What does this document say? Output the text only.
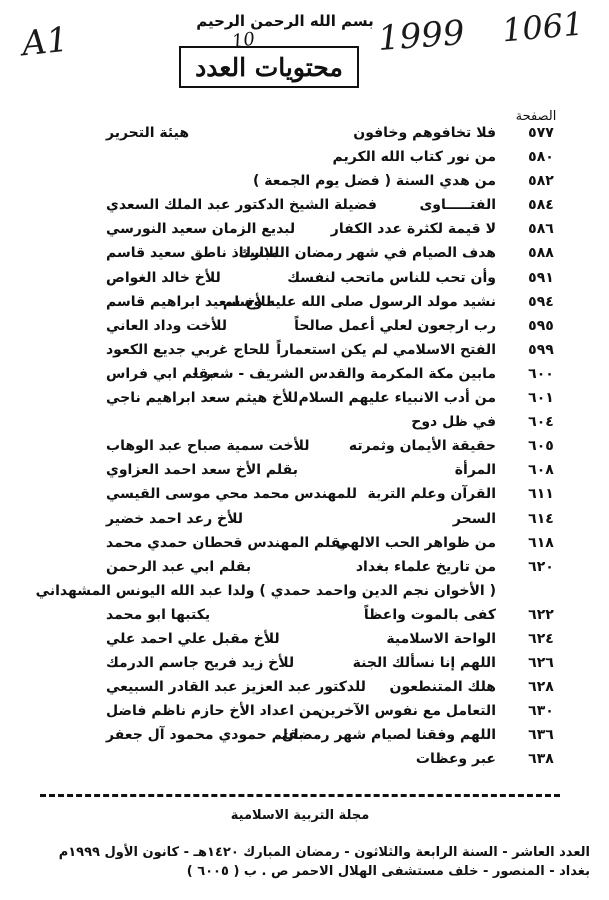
A1	1999 1061
بسم الله الرحمن الرحيم
10
محتويات العدد
الصفحة
٥٧٧
فلا تخافوهم وخافون
هيئة التحرير
٥٨٠
من نور كتاب الله الكريم
٥٨٢
من هدي السنة ( فضل يوم الجمعة )
٥٨٤
الفتـــــاوى
فضيلة الشيخ الدكتور عبد الملك السعدي
٥٨٦
لا قيمة لكثرة عدد الكفار
لبديع الزمان سعيد النورسي
٥٨٨
هدف الصيام في شهر رمضان المبارك
للاستاذ ناطق سعيد قاسم
٥٩١
وأن تحب للناس ماتحب لنفسك
للأخ خالد الغواص
٥٩٤
نشيد مولد الرسول صلى الله عليه وسلم
للأخ سعيد ابراهيم قاسم
٥٩٥
رب ارجعون لعلي أعمل صالحاً
للأخت وداد العاني
٥٩٩
الفتح الاسلامي لم يكن استعماراً
للحاج غربي جديع الكعود
٦٠٠
مابين مكة المكرمة والقدس الشريف - شعر -
بقلم ابي فراس
٦٠١
من أدب الانبياء عليهم السلام
للأخ هيثم سعد ابراهيم ناجي
٦٠٤
في ظل دوح
٦٠٥
حقيقة الأيمان وثمرته
للأخت سمية صباح عبد الوهاب
٦٠٨
المرأة
بقلم الأخ سعد احمد العزاوي
٦١١
القرآن وعلم التربة
للمهندس محمد محي موسى القيسي
٦١٤
السحر
للأخ رعد احمد خضير
٦١٨
من ظواهر الحب الالهي
بقلم المهندس قحطان حمدي محمد
٦٢٠
من تاريخ علماء بغداد
بقلم ابي عبد الرحمن
( الأخوان نجم الدين واحمد حمدي ) ولدا عبد الله اليونس المشهداني
٦٢٢
كفى بالموت واعظاً
يكتبها ابو محمد
٦٢٤
الواحة الاسلامية
للأخ مقبل علي احمد علي
٦٢٦
اللهم إنا نسألك الجنة
للأخ زيد فريح جاسم الدرمك
٦٢٨
هلك المتنطعون
للدكتور عبد العزيز عبد القادر السبيعي
٦٣٠
التعامل مع نفوس الآخرين
من اعداد الأخ حازم ناظم فاضل
٦٣٦
اللهم وفقنا لصيام شهر رمضان
بقلم حمودي محمود آل جعفر
٦٣٨
عبر وعظات
مجلة التربية الاسلامية
العدد العاشر - السنة الرابعة والثلاثون - رمضان المبارك ١٤٢٠هـ - كانون الأول ١٩٩٩م
بغداد - المنصور - خلف مستشفى الهلال الاحمر ص . ب ( ٦٠٠٥ )
